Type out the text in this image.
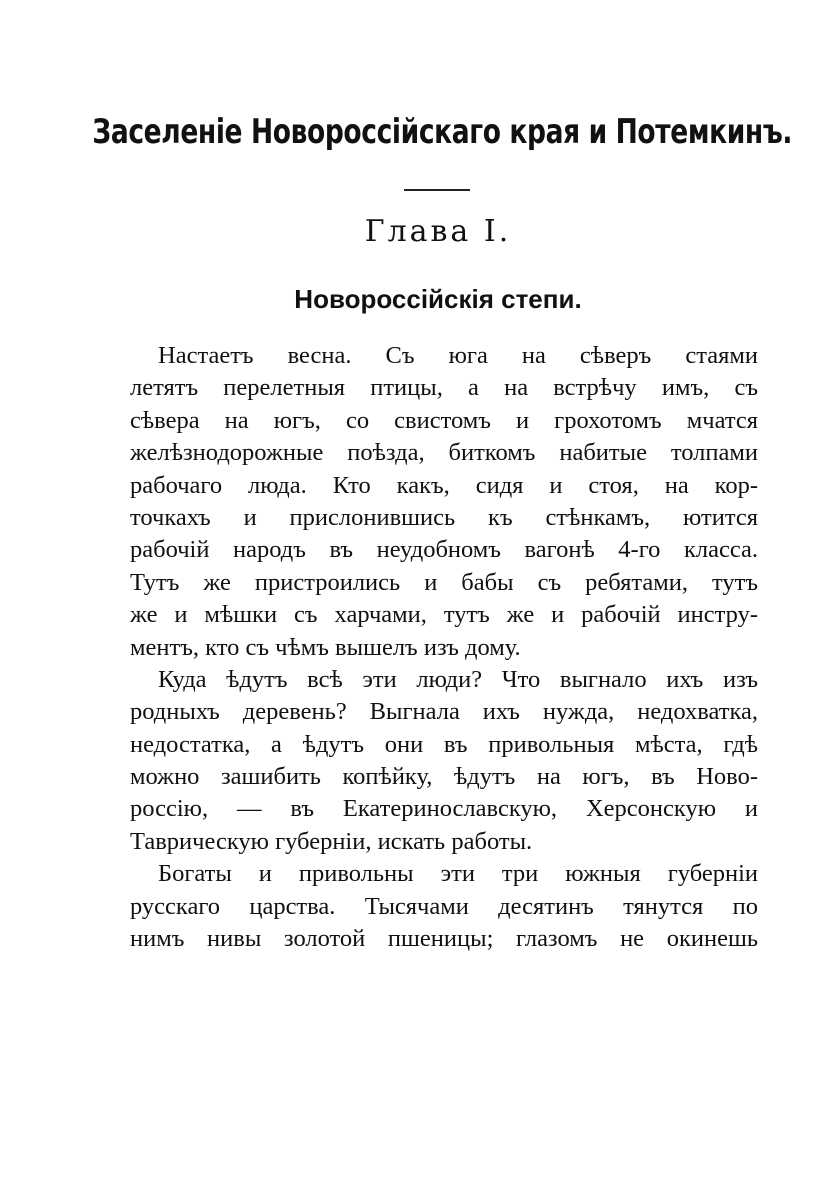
Заселеніе Новороссійскаго края и Потемкинъ.
Глава I.
Новороссійскія степи.
Настаетъ весна. Съ юга на сѣверъ стаями
летятъ перелетныя птицы, а на встрѣчу имъ, съ
сѣвера на югъ, со свистомъ и грохотомъ мчатся
желѣзнодорожные поѣзда, биткомъ набитые толпами
рабочаго люда. Кто какъ, сидя и стоя, на кор-
точкахъ и прислонившись къ стѣнкамъ, ютится
рабочій народъ въ неудобномъ вагонѣ 4-го класса.
Тутъ же пристроились и бабы съ ребятами, тутъ
же и мѣшки съ харчами, тутъ же и рабочій инстру-
ментъ, кто съ чѣмъ вышелъ изъ дому.
Куда ѣдутъ всѣ эти люди? Что выгнало ихъ изъ
родныхъ деревень? Выгнала ихъ нужда, недохватка,
недостатка, а ѣдутъ они въ привольныя мѣста, гдѣ
можно зашибить копѣйку, ѣдутъ на югъ, въ Ново-
россію, — въ Екатеринославскую, Херсонскую и
Таврическую губерніи, искать работы.
Богаты и привольны эти три южныя губерніи
русскаго царства. Тысячами десятинъ тянутся по
нимъ нивы золотой пшеницы; глазомъ не окинешь
